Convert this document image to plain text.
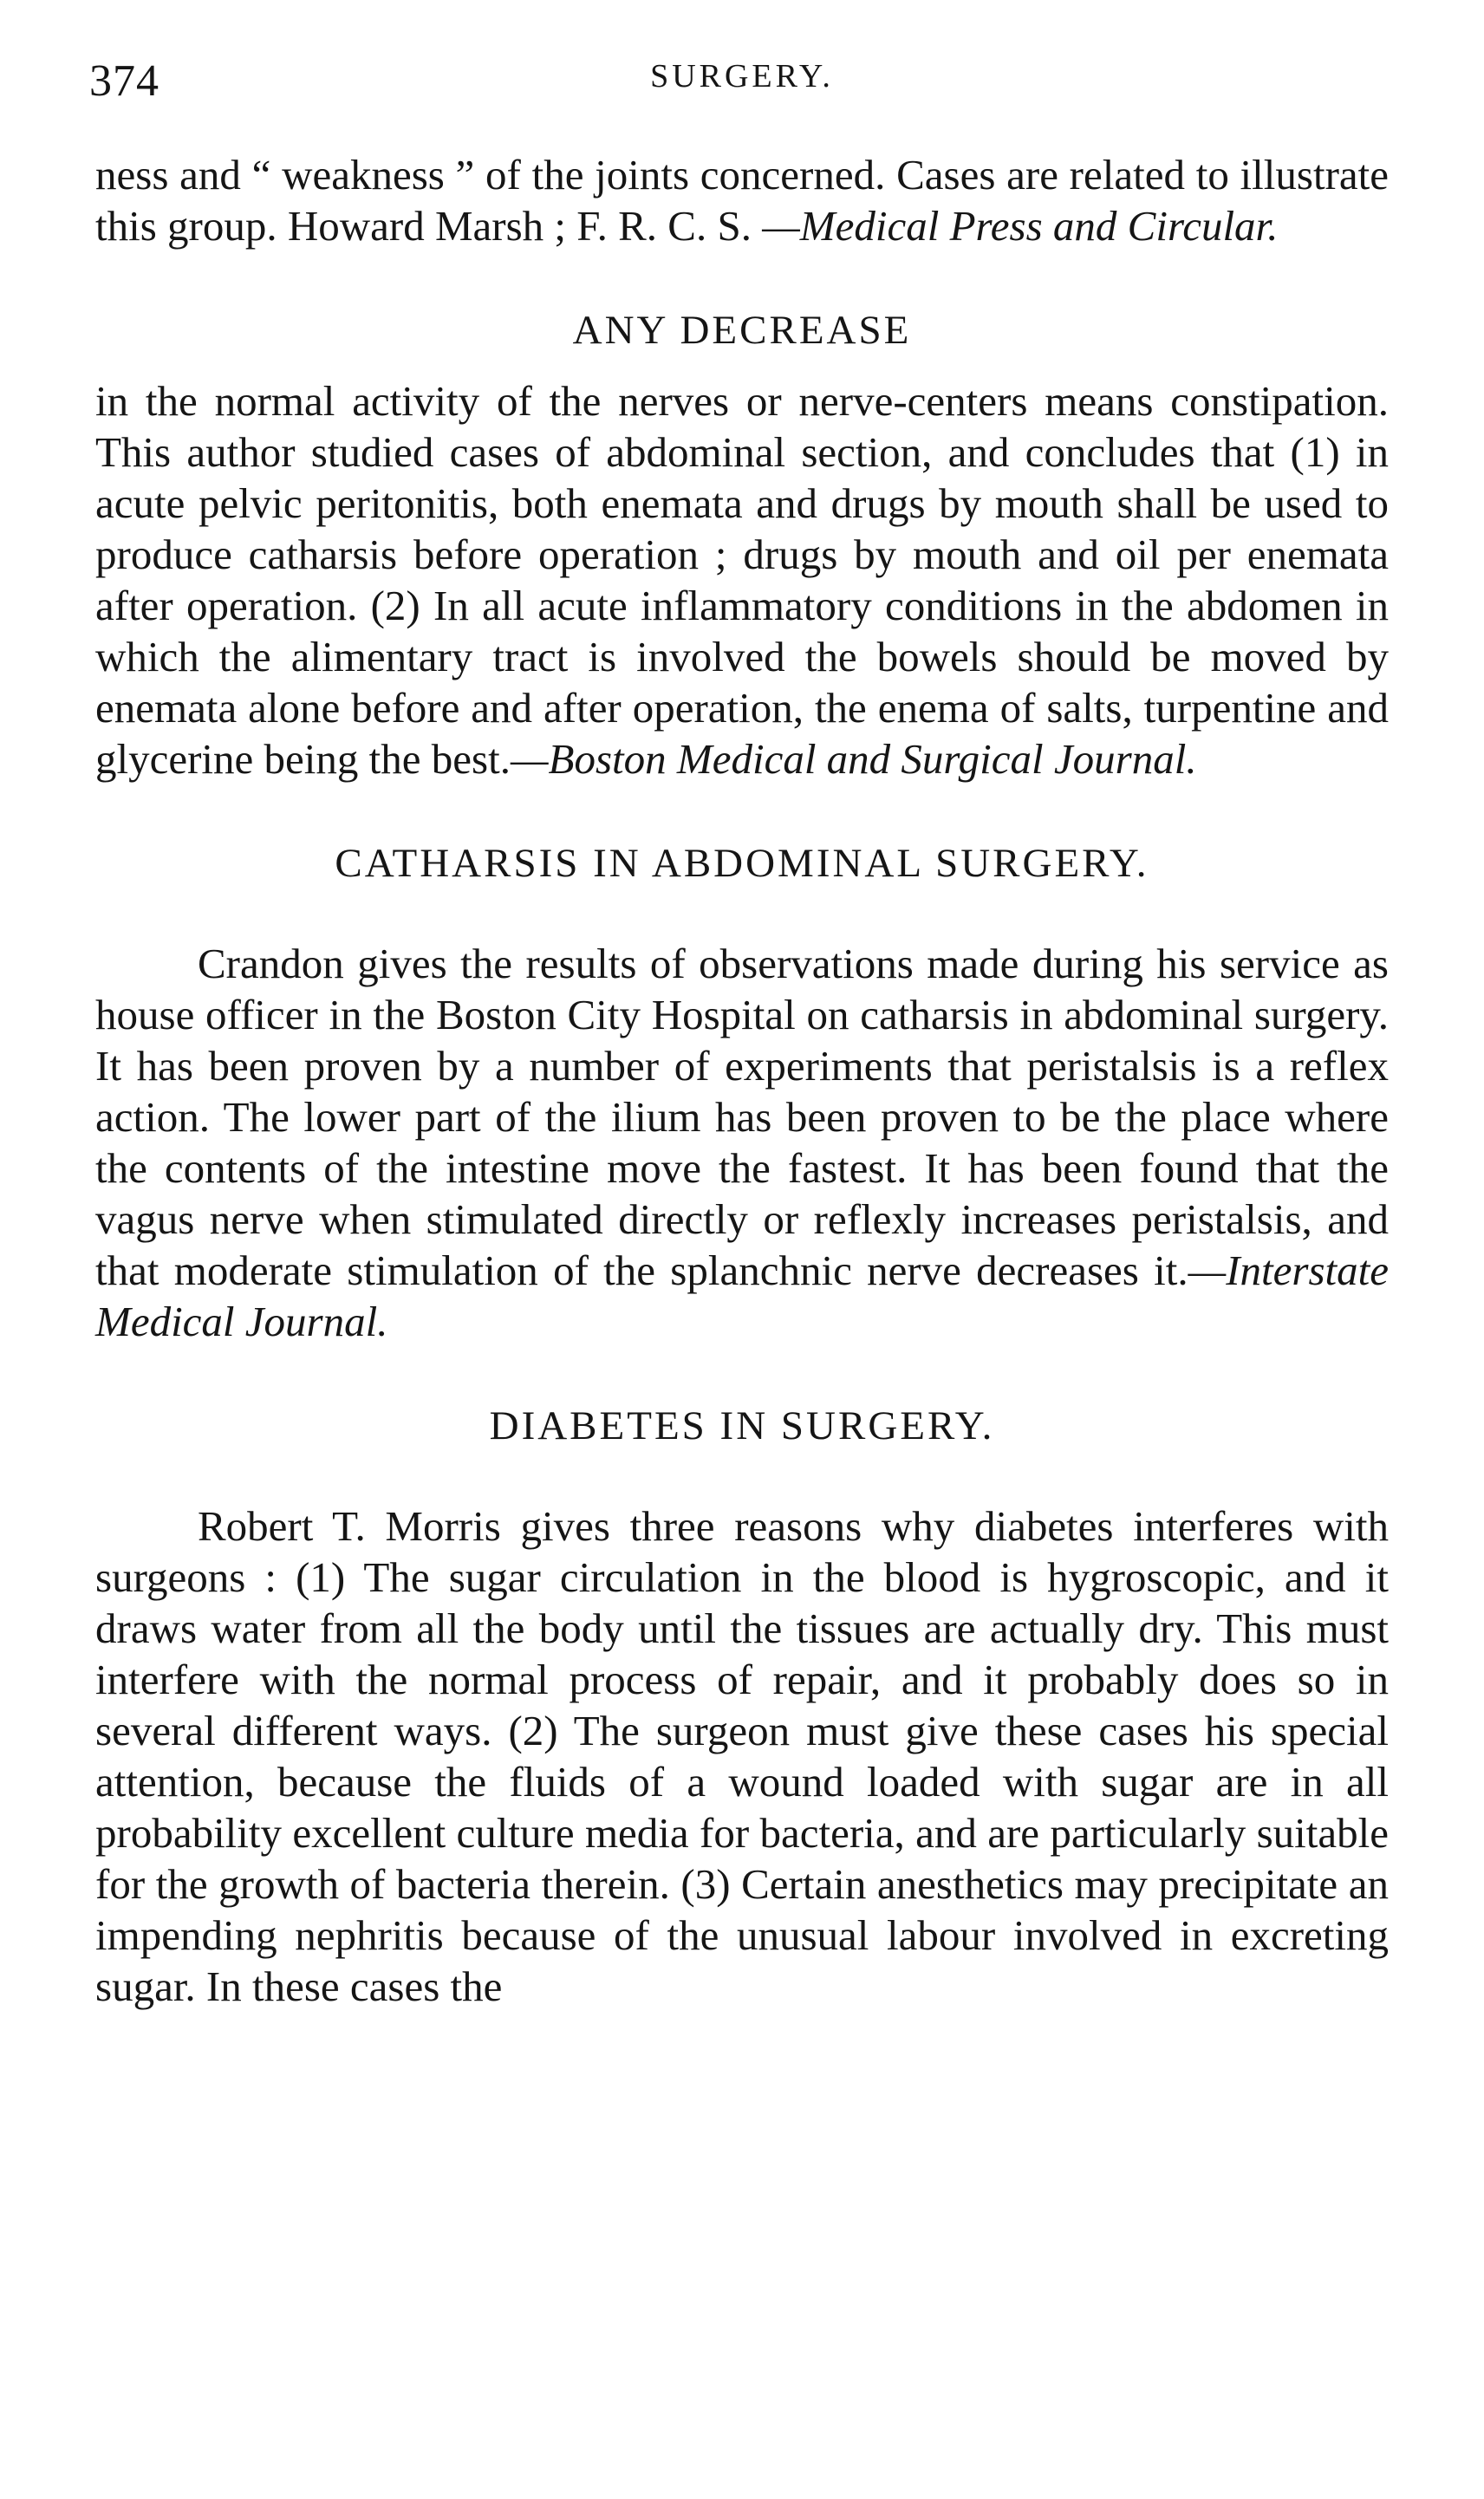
374	SURGERY.

ness and “ weakness ” of the joints concerned. Cases are related to illustrate this group. Howard Marsh ; F. R. C. S. —Medical Press and Circular.

ANY DECREASE

in the normal activity of the nerves or nerve-centers means constipation. This author studied cases of abdominal section, and concludes that (1) in acute pelvic peritonitis, both enemata and drugs by mouth shall be used to produce catharsis before operation ; drugs by mouth and oil per enemata after operation. (2) In all acute inflammatory conditions in the abdomen in which the alimentary tract is involved the bowels should be moved by enemata alone before and after operation, the enema of salts, turpentine and glycerine being the best.—Boston Medical and Surgical Journal.

CATHARSIS IN ABDOMINAL SURGERY.

Crandon gives the results of observations made during his service as house officer in the Boston City Hospital on catharsis in abdominal surgery. It has been proven by a number of experiments that peristalsis is a reflex action. The lower part of the ilium has been proven to be the place where the contents of the intestine move the fastest. It has been found that the vagus nerve when stimulated directly or reflexly increases peristalsis, and that moderate stimulation of the splanchnic nerve decreases it.—Interstate Medical Journal.

DIABETES IN SURGERY.

Robert T. Morris gives three reasons why diabetes interferes with surgeons : (1) The sugar circulation in the blood is hygroscopic, and it draws water from all the body until the tissues are actually dry. This must interfere with the normal process of repair, and it probably does so in several different ways. (2) The surgeon must give these cases his special attention, because the fluids of a wound loaded with sugar are in all probability excellent culture media for bacteria, and are particularly suitable for the growth of bacteria therein. (3) Certain anesthetics may precipitate an impending nephritis because of the unusual labour involved in excreting sugar. In these cases the
